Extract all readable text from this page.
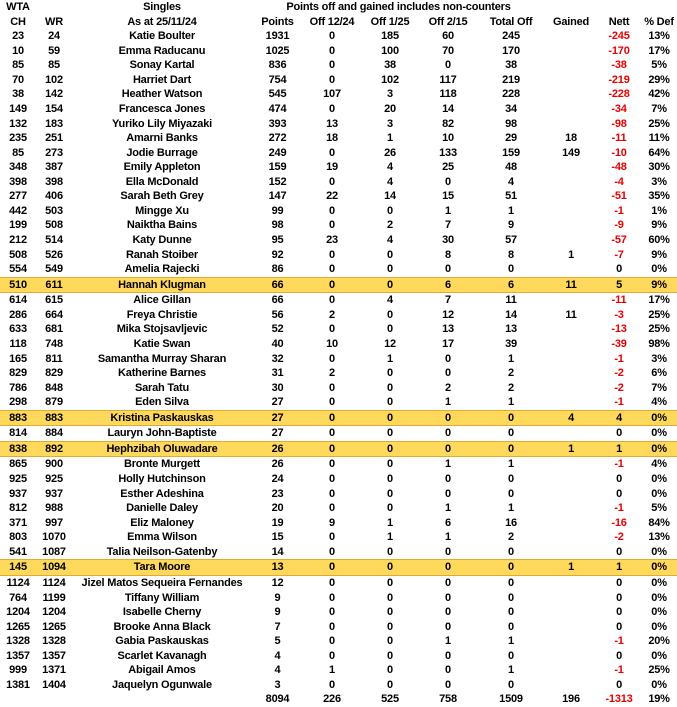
WTA		Singles	Points off and gained includes non-counters							
CH	WR	As at 25/11/24	Points	Off 12/24	Off 1/25	Off 2/15	Total Off	Gained	Nett	% Def
23	24	Katie Boulter	1931	0	185	60	245		-245	13%
10	59	Emma Raducanu	1025	0	100	70	170		-170	17%
85	85	Sonay Kartal	836	0	38	0	38		-38	5%
70	102	Harriet Dart	754	0	102	117	219		-219	29%
38	142	Heather Watson	545	107	3	118	228		-228	42%
149	154	Francesca Jones	474	0	20	14	34		-34	7%
132	183	Yuriko Lily Miyazaki	393	13	3	82	98		-98	25%
235	251	Amarni Banks	272	18	1	10	29	18	-11	11%
85	273	Jodie Burrage	249	0	26	133	159	149	-10	64%
348	387	Emily Appleton	159	19	4	25	48		-48	30%
398	398	Ella McDonald	152	0	4	0	4		-4	3%
277	406	Sarah Beth Grey	147	22	14	15	51		-51	35%
442	503	Mingge Xu	99	0	0	1	1		-1	1%
199	508	Naiktha Bains	98	0	2	7	9		-9	9%
212	514	Katy Dunne	95	23	4	30	57		-57	60%
508	526	Ranah Stoiber	92	0	0	8	8	1	-7	9%
554	549	Amelia Rajecki	86	0	0	0	0		0	0%
510	611	Hannah Klugman	66	0	0	6	6	11	5	9%
614	615	Alice Gillan	66	0	4	7	11		-11	17%
286	664	Freya Christie	56	2	0	12	14	11	-3	25%
633	681	Mika Stojsavljevic	52	0	0	13	13		-13	25%
118	748	Katie Swan	40	10	12	17	39		-39	98%
165	811	Samantha Murray Sharan	32	0	1	0	1		-1	3%
829	829	Katherine Barnes	31	2	0	0	2		-2	6%
786	848	Sarah Tatu	30	0	0	2	2		-2	7%
298	879	Eden Silva	27	0	0	1	1		-1	4%
883	883	Kristina Paskauskas	27	0	0	0	0	4	4	0%
814	884	Lauryn John-Baptiste	27	0	0	0	0		0	0%
838	892	Hephzibah Oluwadare	26	0	0	0	0	1	1	0%
865	900	Bronte Murgett	26	0	0	1	1		-1	4%
925	925	Holly Hutchinson	24	0	0	0	0		0	0%
937	937	Esther Adeshina	23	0	0	0	0		0	0%
812	988	Danielle Daley	20	0	0	1	1		-1	5%
371	997	Eliz Maloney	19	9	1	6	16		-16	84%
803	1070	Emma Wilson	15	0	1	1	2		-2	13%
541	1087	Talia Neilson-Gatenby	14	0	0	0	0		0	0%
145	1094	Tara Moore	13	0	0	0	0	1	1	0%
1124	1124	Jizel Matos Sequeira Fernandes	12	0	0	0	0		0	0%
764	1199	Tiffany William	9	0	0	0	0		0	0%
1204	1204	Isabelle Cherny	9	0	0	0	0		0	0%
1265	1265	Brooke Anna Black	7	0	0	0	0		0	0%
1328	1328	Gabia Paskauskas	5	0	0	1	1		-1	20%
1357	1357	Scarlet Kavanagh	4	0	0	0	0		0	0%
999	1371	Abigail Amos	4	1	0	0	1		-1	25%
1381	1404	Jaquelyn Ogunwale	3	0	0	0	0		0	0%
			8094	226	525	758	1509	196	-1313	19%
